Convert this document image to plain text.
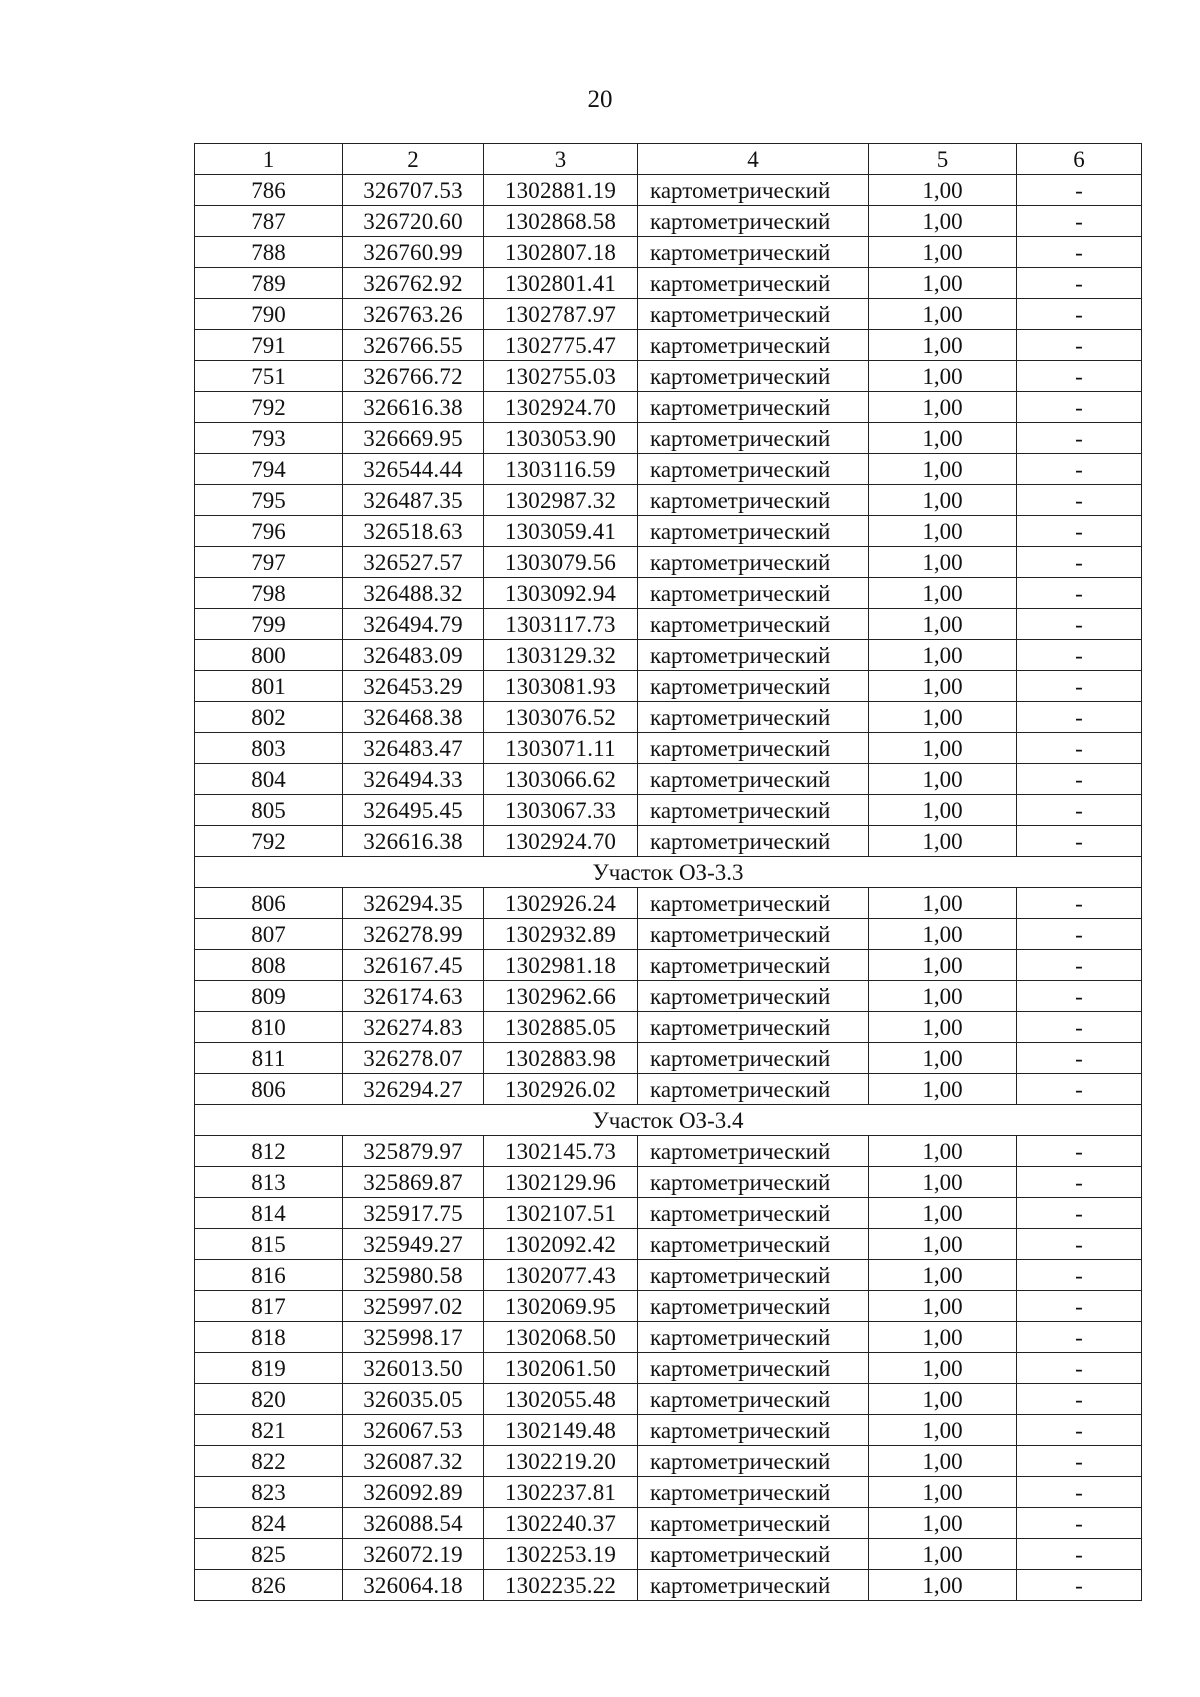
20
1	2	3	4	5	6
786	326707.53	1302881.19	картометрический	1,00	-
787	326720.60	1302868.58	картометрический	1,00	-
788	326760.99	1302807.18	картометрический	1,00	-
789	326762.92	1302801.41	картометрический	1,00	-
790	326763.26	1302787.97	картометрический	1,00	-
791	326766.55	1302775.47	картометрический	1,00	-
751	326766.72	1302755.03	картометрический	1,00	-
792	326616.38	1302924.70	картометрический	1,00	-
793	326669.95	1303053.90	картометрический	1,00	-
794	326544.44	1303116.59	картометрический	1,00	-
795	326487.35	1302987.32	картометрический	1,00	-
796	326518.63	1303059.41	картометрический	1,00	-
797	326527.57	1303079.56	картометрический	1,00	-
798	326488.32	1303092.94	картометрический	1,00	-
799	326494.79	1303117.73	картометрический	1,00	-
800	326483.09	1303129.32	картометрический	1,00	-
801	326453.29	1303081.93	картометрический	1,00	-
802	326468.38	1303076.52	картометрический	1,00	-
803	326483.47	1303071.11	картометрический	1,00	-
804	326494.33	1303066.62	картометрический	1,00	-
805	326495.45	1303067.33	картометрический	1,00	-
792	326616.38	1302924.70	картометрический	1,00	-
Участок ОЗ-3.3					
806	326294.35	1302926.24	картометрический	1,00	-
807	326278.99	1302932.89	картометрический	1,00	-
808	326167.45	1302981.18	картометрический	1,00	-
809	326174.63	1302962.66	картометрический	1,00	-
810	326274.83	1302885.05	картометрический	1,00	-
811	326278.07	1302883.98	картометрический	1,00	-
806	326294.27	1302926.02	картометрический	1,00	-
Участок ОЗ-3.4					
812	325879.97	1302145.73	картометрический	1,00	-
813	325869.87	1302129.96	картометрический	1,00	-
814	325917.75	1302107.51	картометрический	1,00	-
815	325949.27	1302092.42	картометрический	1,00	-
816	325980.58	1302077.43	картометрический	1,00	-
817	325997.02	1302069.95	картометрический	1,00	-
818	325998.17	1302068.50	картометрический	1,00	-
819	326013.50	1302061.50	картометрический	1,00	-
820	326035.05	1302055.48	картометрический	1,00	-
821	326067.53	1302149.48	картометрический	1,00	-
822	326087.32	1302219.20	картометрический	1,00	-
823	326092.89	1302237.81	картометрический	1,00	-
824	326088.54	1302240.37	картометрический	1,00	-
825	326072.19	1302253.19	картометрический	1,00	-
826	326064.18	1302235.22	картометрический	1,00	-
